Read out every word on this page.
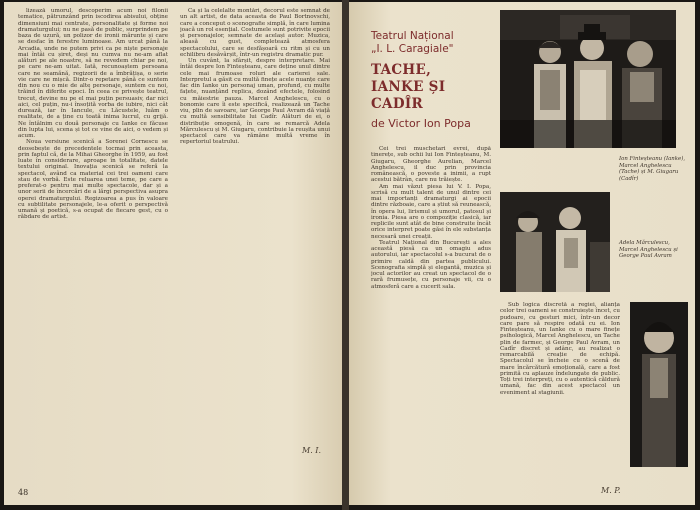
lizează umorul, descoperim acum noi filonii tematice, pătrunzând prin iscodirea abisului, obține dimensiuni mai centrate, personalitate și forme noi dramaturgului; nu ne pasă de public, surprindem pe baza de uzură, un polizor de ironii mărunte și care se desfac în ferestre luminoase. Am urcat până la Arcadia, unde ne putem privi ca pe niște personaje mai întâi cu șiret, deși nu cumva nu ne-am aflat alături pe ale noastre, să ne revedem chiar pe noi, pe care ne-am uitat. Iată, recunoaștem persoana care ne seamănă, regizorii de a îmbrățișa, o serie vie care ne mișcă. Dintr-o repetare până ce suntem din nou cu o mie de alte personaje, suntem cu noi, trăind în diferite epoci. În ceea ce privește teatrul, trecut, devine nu pe el mai puțin persuasiv, dar nici aici, cel puțin, nu-i însoțită vorba de iubire, nici cât durează, iar în Iancule, cu Lăcustele, luăm o realitate, de a ține cu toată inima lucrul, cu grijă. Ne întâlnim cu două personaje cu Ianke ce făcuse din lupta lui, scena și tot ce vine de aici, o vedem și acum.

Noua versiune scenică a Sorenei Cornescu se deosebește de precedentele tocmai prin aceasta, prin faptul că, de la Mihai Gheorghe în 1959, au fost luate în considerare, aproape în totalitate, datele textului original. Inovația scenică se referă la spectacol, având ca material cei trei oameni care stau de vorbă. Este reluarea unei teme, pe care a preferat-o pentru mai multe spectacole, dar și a unor serii de încercări de a lărgi perspectiva asupra operei dramaturgului. Regizoarea a pus în valoare cu subtilitate personajele, le-a oferit o perspectivă umană și poetică, s-a ocupat de fiecare gest, cu o răbdare de artist.

Ca și la celelalte montări, decorul este semnat de un alt artist, de data aceasta de Paul Bortnovschi, care a conceput o scenografie simplă, în care lumina joacă un rol esențial. Costumele sunt potrivite epocii și personajelor, semnate de același autor. Muzica, aleasă cu gust, completează atmosfera spectacolului, care se desfășoară cu ritm și cu un echilibru desăvârșit, într-un registru dramatic pur.

Un cuvânt, la sfârșit, despre interpretare. Mai întâi despre Ion Finteșteanu, care deține unul dintre cele mai frumoase roluri ale carierei sale. Interpretul a găsit cu multă finețe acele nuanțe care fac din Ianke un personaj uman, profund, cu multe fațete, nuanțând replica, dozând efectele, folosind cu măiestrie pauza. Marcel Anghelescu, cu o bonomie care îi este specifică, realizează un Tache viu, plin de savoare, iar George Paul Avram dă viață cu multă sensibilitate lui Cadîr. Alături de ei, o distribuție omogenă, în care se remarcă Adela Mărculescu și M. Giugaru, contribuie la reușita unui spectacol care va rămâne multă vreme în repertoriul teatrului.

M. I.
48
Teatrul Național
„I. L. Caragiale"
TACHE,
IANKE ȘI CADÎR
de Victor Ion Popa

Cei trei muschetari evrei, după tinerețe, sub ochii lui Ion Finteșteanu, M. Giugaru, Gheorghe Aurelian, Marcel Anghelescu, il duc prin provincia românească, o poveste a inimii, a rupt acestui bătrân, care nu trăiește.

Am mai văzut piesa lui V. I. Popa, scrisă cu mult talent de unul dintre cei mai importanți dramaturgi ai epocii dintre războaie, care a știut să reunească, în opera lui, lirismul și umorul, patosul și ironia. Piesa are o compoziție clasică, iar replicile sunt atât de bine construite încât orice interpret poate găsi în ele substanța necesară unei creații.

Teatrul Național din București a ales această piesă ca un omagiu adus autorului, iar spectacolul s-a bucurat de o primire caldă din partea publicului. Scenografia simplă și elegantă, muzica și jocul actorilor au creat un spectacol de o rară frumusețe, cu personaje vii, cu o atmosferă care a cucerit sala.

Sub logica discretă a regiei, alianța celor trei oameni se construiește încet, cu pudoare, cu gesturi mici, într-un decor care pare să respire odată cu ei. Ion Finteșteanu, un Ianke cu o mare finețe psihologică, Marcel Anghelescu, un Tache plin de farmec, și George Paul Avram, un Cadîr discret și adânc, au realizat o remarcabilă creație de echipă. Spectacolul se încheie cu o scenă de mare încărcătură emoțională, care a fost primită cu aplauze îndelungate de public. Toți trei interpreți, cu o autentică căldură umană, fac din acest spectacol un eveniment al stagiunii.

M. P.
Ion Finteșteanu (Ianke), Marcel Anghelescu (Tache) și M. Giugaru (Cadîr)
Adela Mărculescu, Marcel Anghelescu și George Paul Avram
